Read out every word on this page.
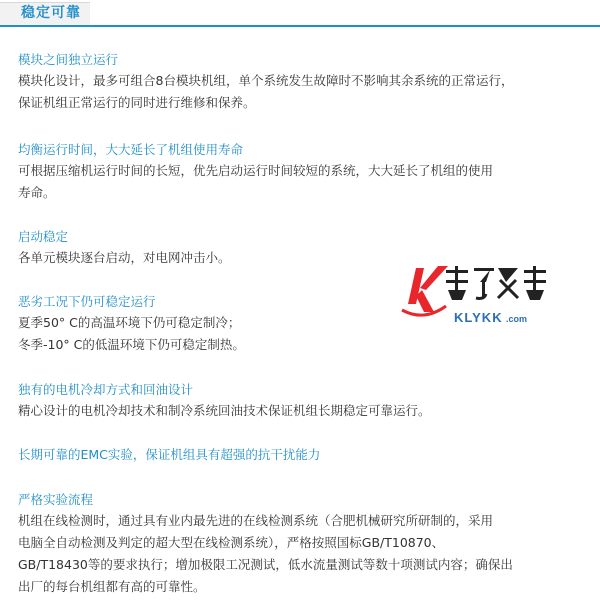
稳定可靠
模块之间独立运行
模块化设计，最多可组合8台模块机组，单个系统发生故障时不影响其余系统的正常运行，
保证机组正常运行的同时进行维修和保养。
均衡运行时间，大大延长了机组使用寿命
可根据压缩机运行时间的长短，优先启动运行时间较短的系统，大大延长了机组的使用
寿命。
启动稳定
各单元模块逐台启动，对电网冲击小。
恶劣工况下仍可稳定运行
夏季50° C的高温环境下仍可稳定制冷；
冬季-10° C的低温环境下仍可稳定制热。
独有的电机冷却方式和回油设计
精心设计的电机冷却技术和制冷系统回油技术保证机组长期稳定可靠运行。
长期可靠的EMC实验，保证机组具有超强的抗干扰能力
严格实验流程
机组在线检测时，通过具有业内最先进的在线检测系统（合肥机械研究所研制的，采用
电脑全自动检测及判定的超大型在线检测系统），严格按照国标GB/T10870、
GB/T18430等的要求执行；增加极限工况测试，低水流量测试等数十项测试内容；确保出
出厂的每台机组都有高的可靠性。
KLYKK .com
